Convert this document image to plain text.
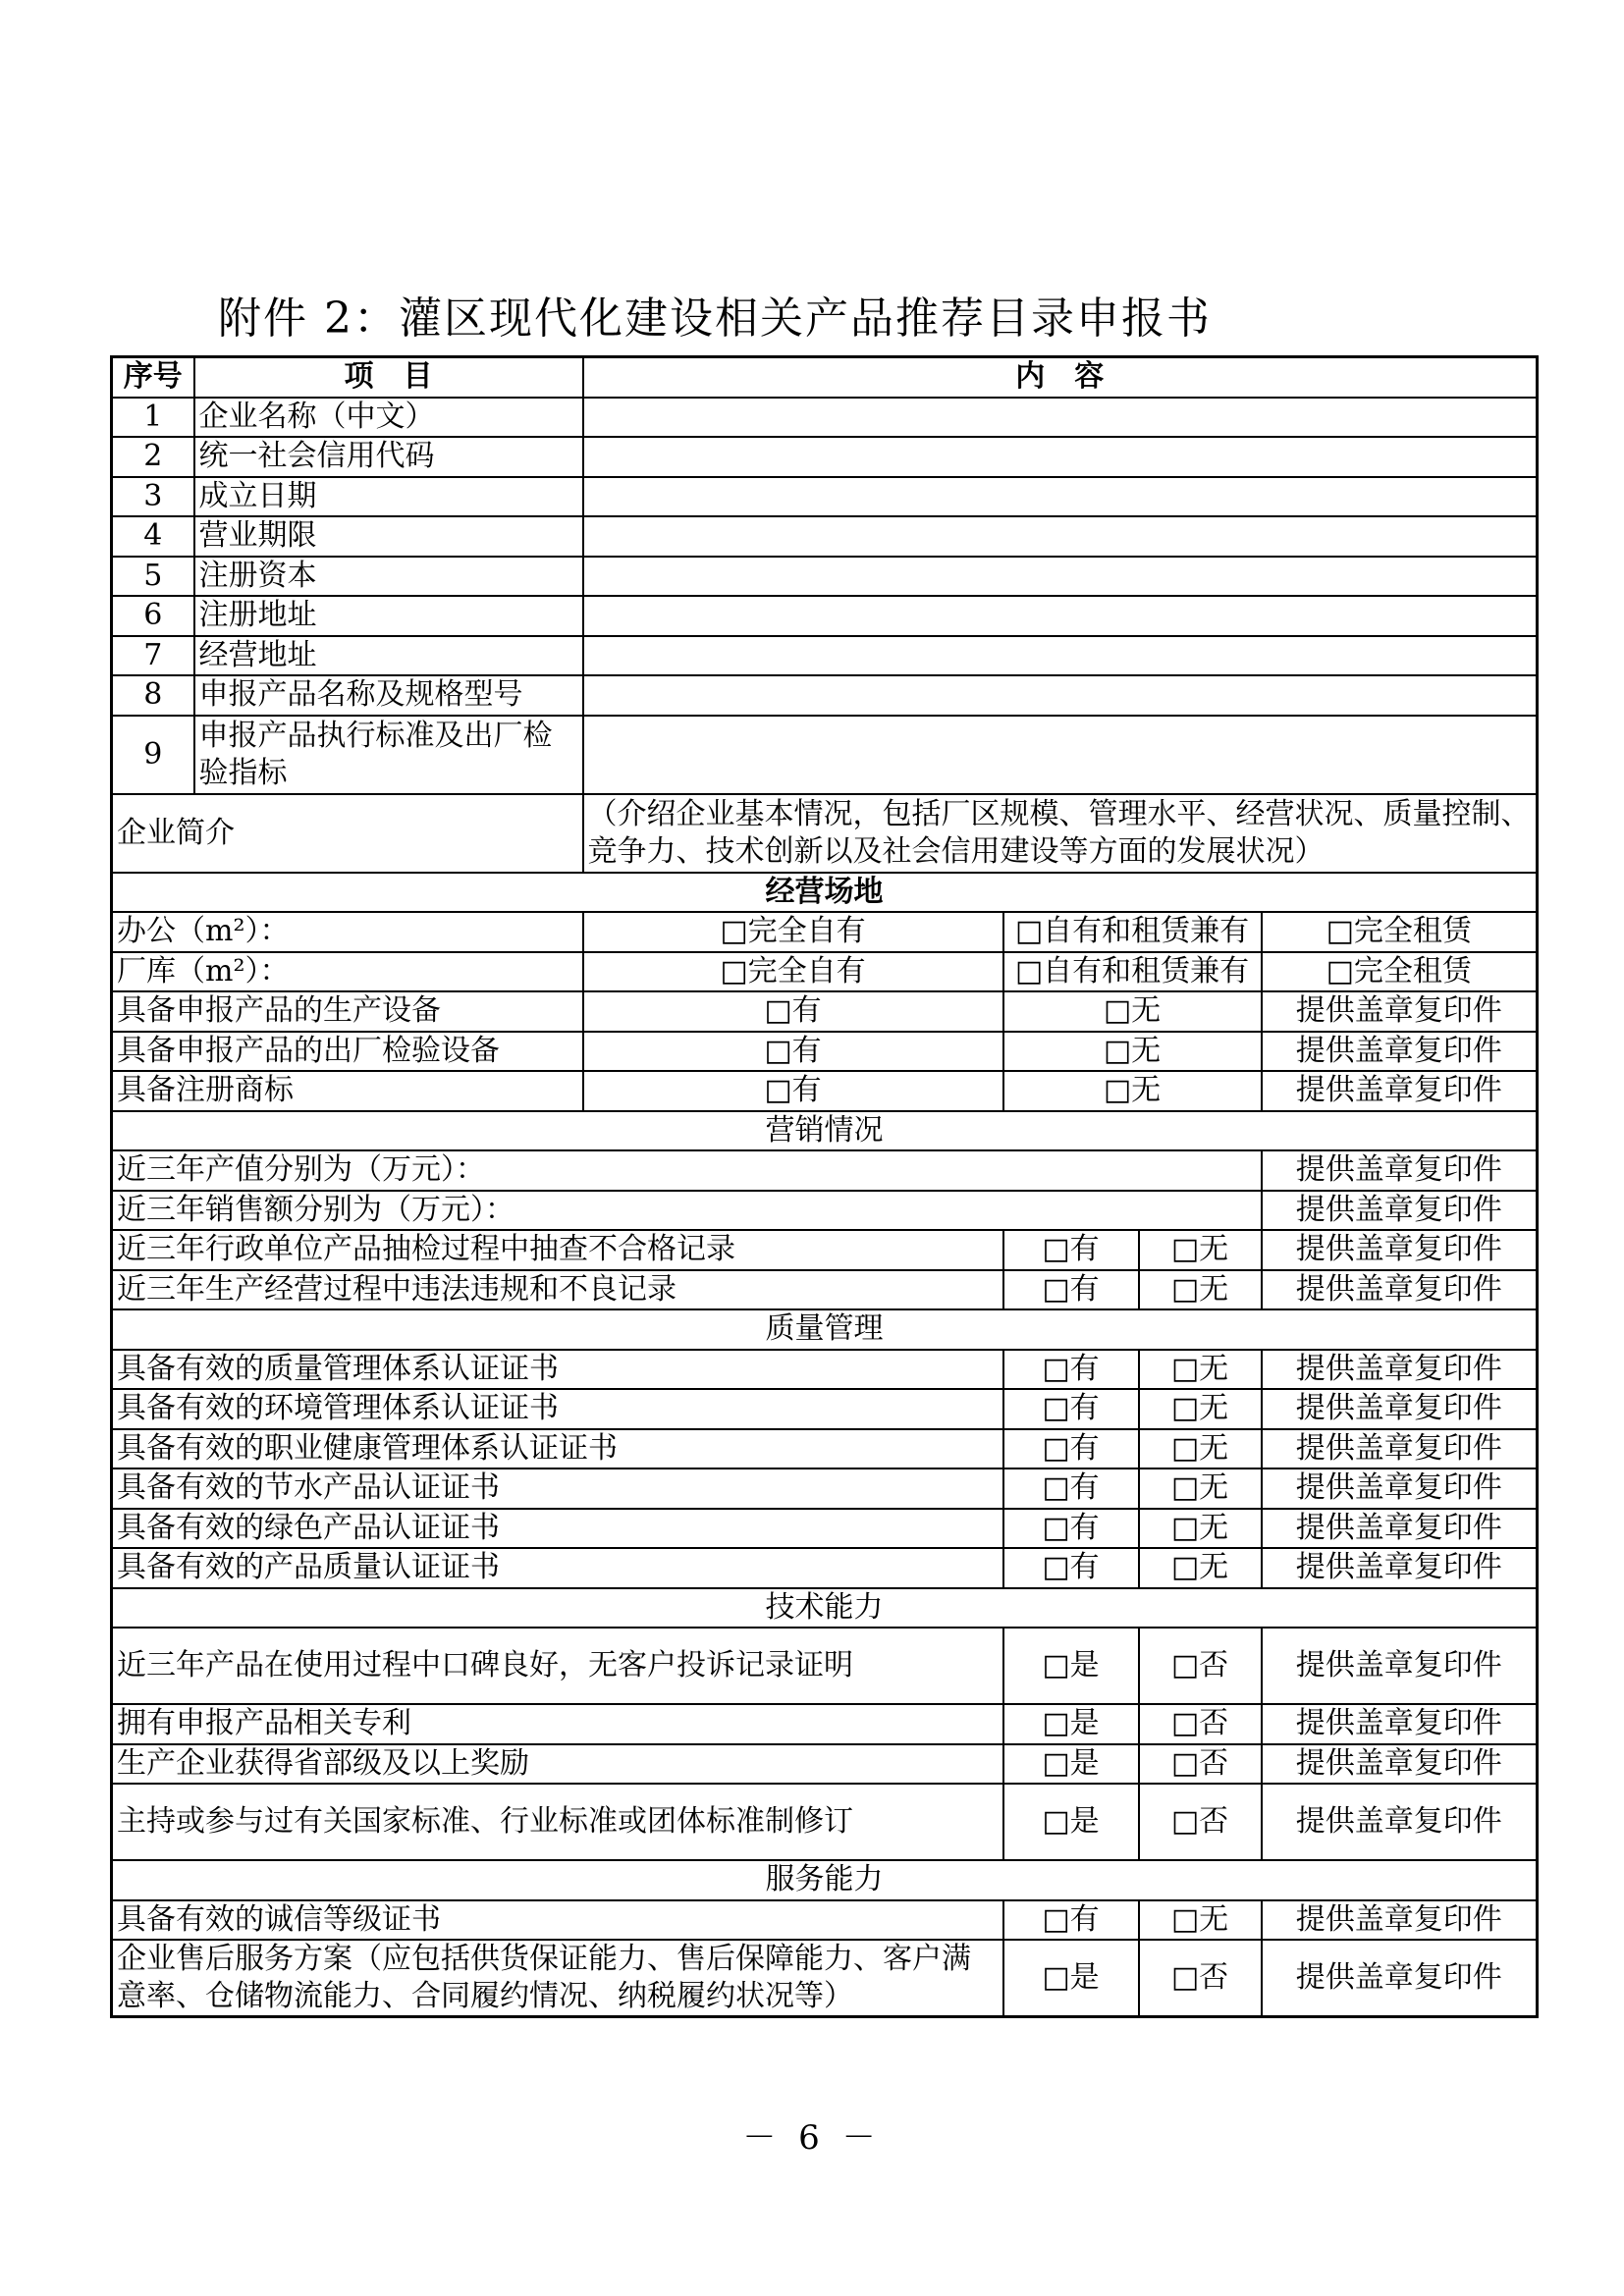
附件 2：灌区现代化建设相关产品推荐目录申报书
序号	项　目	内　容			
1	企业名称（中文）				
2	统一社会信用代码				
3	成立日期				
4	营业期限				
5	注册资本				
6	注册地址				
7	经营地址				
8	申报产品名称及规格型号				
9	申报产品执行标准及出厂检验指标				
企业简介		（介绍企业基本情况，包括厂区规模、管理水平、经营状况、质量控制、竞争力、技术创新以及社会信用建设等方面的发展状况）			
经营场地					
办公（m²）：		□完全自有	□自有和租赁兼有		□完全租赁
厂库（m²）：		□完全自有	□自有和租赁兼有		□完全租赁
具备申报产品的生产设备		□有	□无		提供盖章复印件
具备申报产品的出厂检验设备		□有	□无		提供盖章复印件
具备注册商标		□有	□无		提供盖章复印件
营销情况					
近三年产值分别为（万元）：					提供盖章复印件
近三年销售额分别为（万元）：					提供盖章复印件
近三年行政单位产品抽检过程中抽查不合格记录			□有	□无	提供盖章复印件
近三年生产经营过程中违法违规和不良记录			□有	□无	提供盖章复印件
质量管理					
具备有效的质量管理体系认证证书			□有	□无	提供盖章复印件
具备有效的环境管理体系认证证书			□有	□无	提供盖章复印件
具备有效的职业健康管理体系认证证书			□有	□无	提供盖章复印件
具备有效的节水产品认证证书			□有	□无	提供盖章复印件
具备有效的绿色产品认证证书			□有	□无	提供盖章复印件
具备有效的产品质量认证证书			□有	□无	提供盖章复印件
技术能力					
近三年产品在使用过程中口碑良好，无客户投诉记录证明			□是	□否	提供盖章复印件
拥有申报产品相关专利			□是	□否	提供盖章复印件
生产企业获得省部级及以上奖励			□是	□否	提供盖章复印件
主持或参与过有关国家标准、行业标准或团体标准制修订			□是	□否	提供盖章复印件
服务能力					
具备有效的诚信等级证书			□有	□无	提供盖章复印件
企业售后服务方案（应包括供货保证能力、售后保障能力、客户满意率、仓储物流能力、合同履约情况、纳税履约状况等）			□是	□否	提供盖章复印件
－ 6 －
